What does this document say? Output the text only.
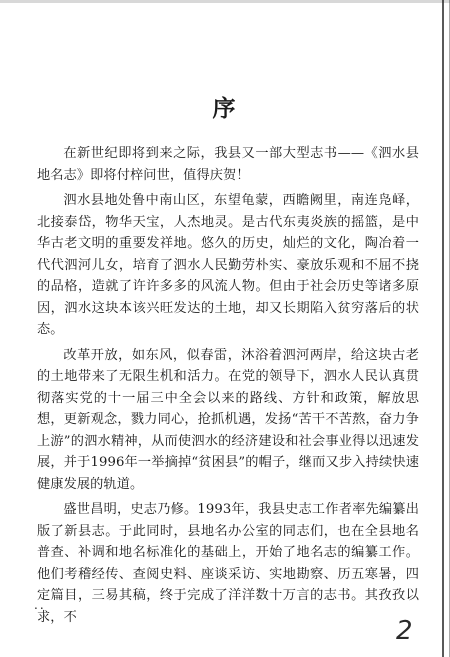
序

在新世纪即将到来之际，我县又一部大型志书——《泗水县地名志》即将付梓问世，值得庆贺！

泗水县地处鲁中南山区，东望龟蒙，西瞻阙里，南连凫峄，北接泰岱，物华天宝，人杰地灵。是古代东夷炎族的摇篮，是中华古老文明的重要发祥地。悠久的历史，灿烂的文化，陶冶着一代代泗河儿女，培育了泗水人民勤劳朴实、豪放乐观和不屈不挠的品格，造就了许许多多的风流人物。但由于社会历史等诸多原因，泗水这块本该兴旺发达的土地，却又长期陷入贫穷落后的状态。

改革开放，如东风，似春雷，沐浴着泗河两岸，给这块古老的土地带来了无限生机和活力。在党的领导下，泗水人民认真贯彻落实党的十一届三中全会以来的路线、方针和政策，解放思想，更新观念，戮力同心，抢抓机遇，发扬“苦干不苦熬，奋力争上游”的泗水精神，从而使泗水的经济建设和社会事业得以迅速发展，并于1996年一举摘掉“贫困县”的帽子，继而又步入持续快速健康发展的轨道。

盛世昌明，史志乃修。1993年，我县史志工作者率先编纂出版了新县志。于此同时，县地名办公室的同志们，也在全县地名普查、补调和地名标准化的基础上，开始了地名志的编纂工作。他们考稽经传、查阅史料、座谈采访、实地勘察、历五寒暑，四定篇目，三易其稿，终于完成了洋洋数十万言的志书。其孜孜以求，不

..
2
